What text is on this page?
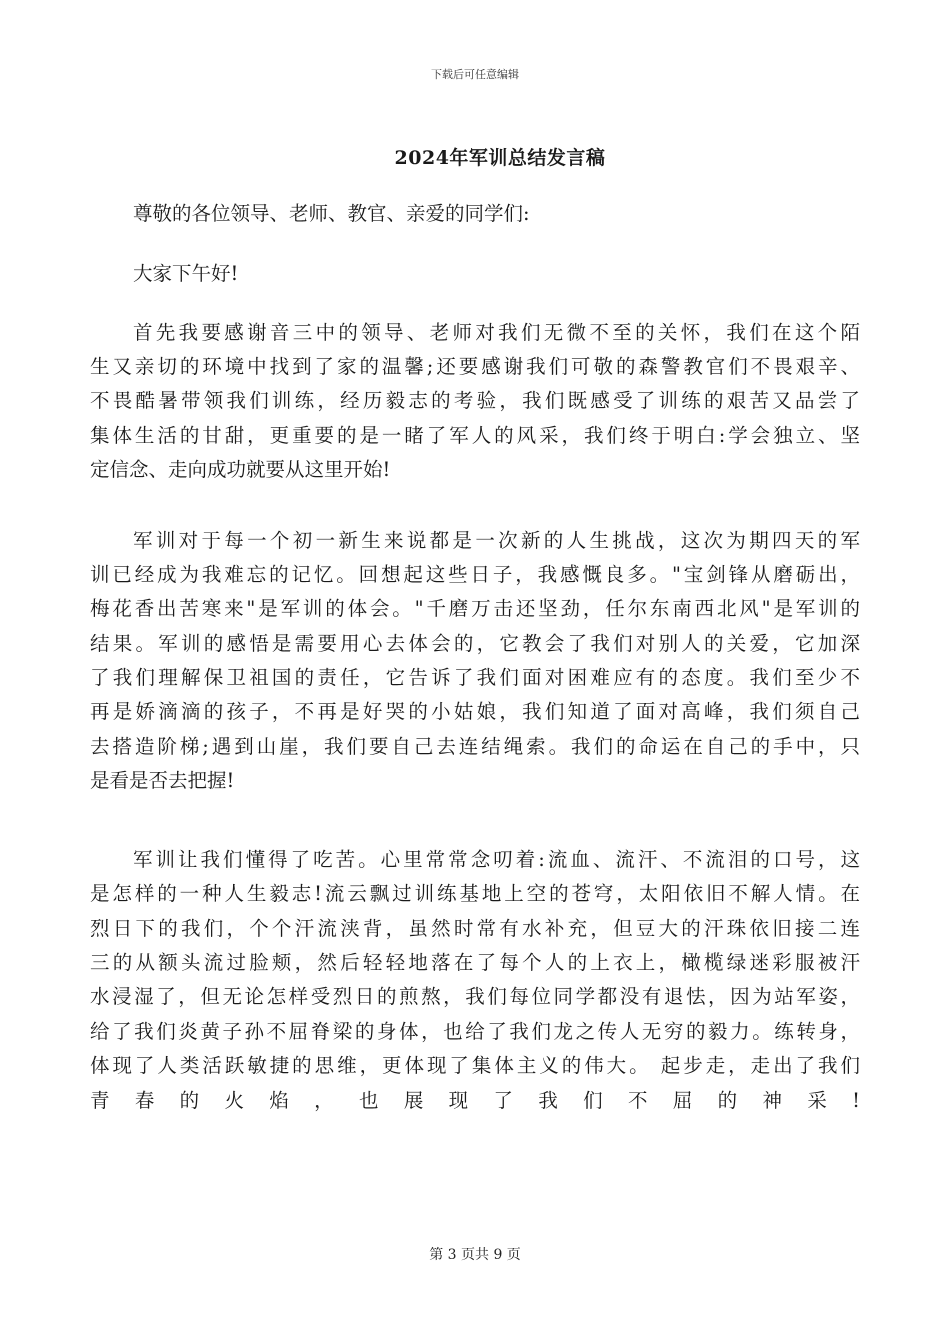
下载后可任意编辑
2024年军训总结发言稿
尊敬的各位领导、老师、教官、亲爱的同学们:
大家下午好!
首先我要感谢音三中的领导、老师对我们无微不至的关怀，我们在这个陌
生又亲切的环境中找到了家的温馨;还要感谢我们可敬的森警教官们不畏艰辛、
不畏酷暑带领我们训练，经历毅志的考验，我们既感受了训练的艰苦又品尝了
集体生活的甘甜，更重要的是一睹了军人的风采，我们终于明白:学会独立、坚
定信念、走向成功就要从这里开始!
军训对于每一个初一新生来说都是一次新的人生挑战，这次为期四天的军
训已经成为我难忘的记忆。回想起这些日子，我感慨良多。"宝剑锋从磨砺出，
梅花香出苦寒来"是军训的体会。"千磨万击还坚劲，任尔东南西北风"是军训的
结果。军训的感悟是需要用心去体会的，它教会了我们对别人的关爱，它加深
了我们理解保卫祖国的责任，它告诉了我们面对困难应有的态度。我们至少不
再是娇滴滴的孩子，不再是好哭的小姑娘，我们知道了面对高峰，我们须自己
去搭造阶梯;遇到山崖，我们要自己去连结绳索。我们的命运在自己的手中，只
是看是否去把握!
军训让我们懂得了吃苦。心里常常念叨着:流血、流汗、不流泪的口号，这
是怎样的一种人生毅志!流云飘过训练基地上空的苍穹，太阳依旧不解人情。在
烈日下的我们，个个汗流浃背，虽然时常有水补充，但豆大的汗珠依旧接二连
三的从额头流过脸颊，然后轻轻地落在了每个人的上衣上，橄榄绿迷彩服被汗
水浸湿了，但无论怎样受烈日的煎熬，我们每位同学都没有退怯，因为站军姿，
给了我们炎黄子孙不屈脊梁的身体，也给了我们龙之传人无穷的毅力。练转身，
体现了人类活跃敏捷的思维，更体现了集体主义的伟大。 起步走，走出了我们
青春的火焰，也展现了我们不屈的神采!
第 3 页共 9 页
